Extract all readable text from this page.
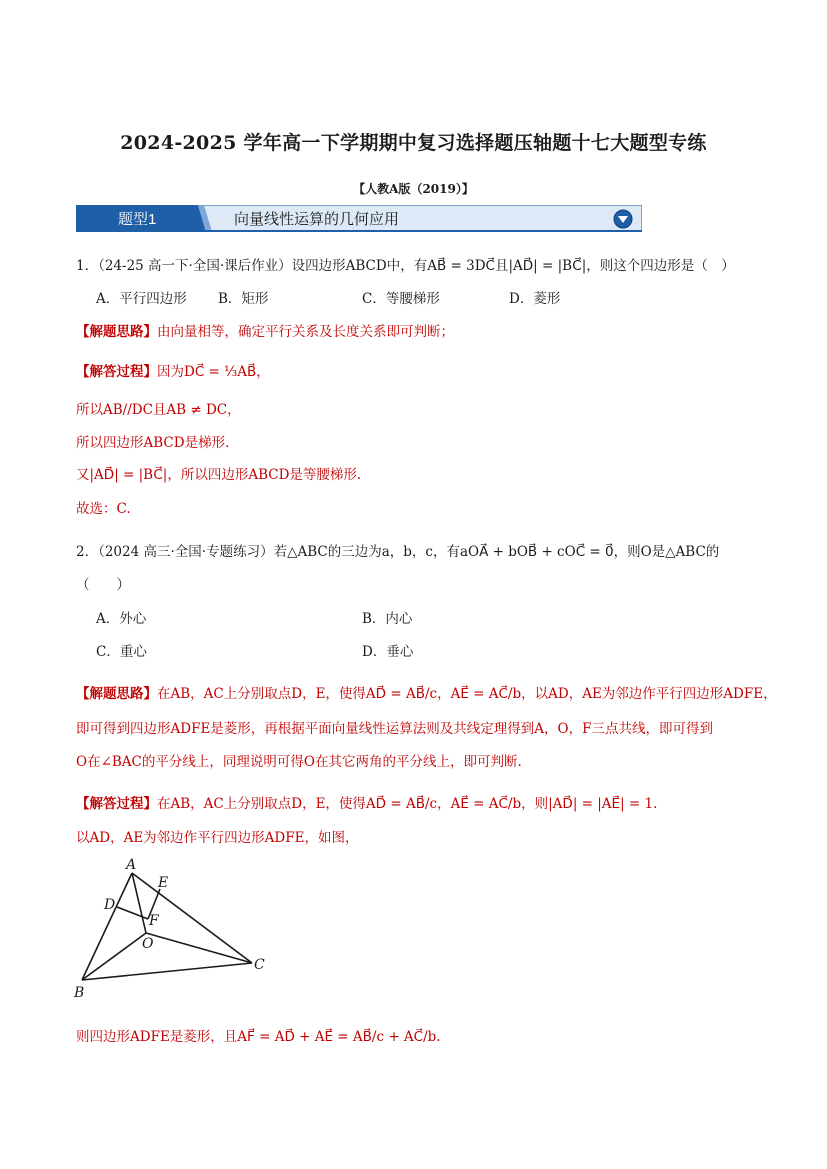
2024-2025 学年高一下学期期中复习选择题压轴题十七大题型专练
【人教A版（2019）】
题型1	向量线性运算的几何应用
1．（24-25 高一下·全国·课后作业）设四边形ABCD中，有AB⃗ = 3DC⃗且|AD⃗| = |BC⃗|，则这个四边形是（　）
A．平行四边形 B．矩形	C．等腰梯形	D．菱形
【解题思路】由向量相等，确定平行关系及长度关系即可判断；
【解答过程】因为DC⃗ = ⅓AB⃗，
所以AB//DC且AB ≠ DC，
所以四边形ABCD是梯形.
又|AD⃗| = |BC⃗|，所以四边形ABCD是等腰梯形.
故选：C.
2．（2024 高三·全国·专题练习）若△ABC的三边为a，b，c，有aOA⃗ + bOB⃗ + cOC⃗ = 0⃗，则O是△ABC的
（　　）
A．外心	B．内心
C．重心	D．垂心
【解题思路】在AB，AC上分别取点D，E，使得AD⃗ = AB⃗/c，AE⃗ = AC⃗/b，以AD，AE为邻边作平行四边形ADFE，
即可得到四边形ADFE是菱形，再根据平面向量线性运算法则及共线定理得到A，O，F三点共线，即可得到
O在∠BAC的平分线上，同理说明可得O在其它两角的平分线上，即可判断.
【解答过程】在AB，AC上分别取点D，E，使得AD⃗ = AB⃗/c，AE⃗ = AC⃗/b，则|AD⃗| = |AE⃗| = 1.
以AD，AE为邻边作平行四边形ADFE，如图，
A
B
C
D
E
F
O
则四边形ADFE是菱形，且AF⃗ = AD⃗ + AE⃗ = AB⃗/c + AC⃗/b.
